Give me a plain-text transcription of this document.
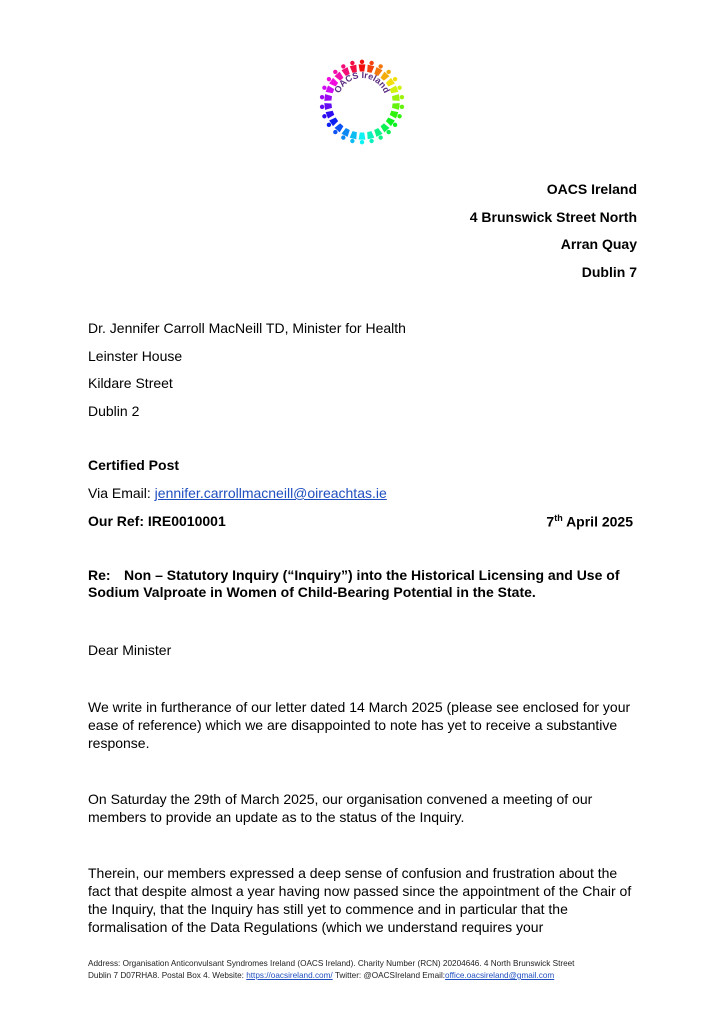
OACS Ireland
OACS Ireland
4 Brunswick Street North
Arran Quay
Dublin 7
Dr. Jennifer Carroll MacNeill TD, Minister for Health
Leinster House
Kildare Street
Dublin 2
Certified Post
Via Email: jennifer.carrollmacneill@oireachtas.ie
Our Ref: IRE0010001	7th April 2025
Re: Non – Statutory Inquiry (“Inquiry”) into the Historical Licensing and Use of Sodium Valproate in Women of Child-Bearing Potential in the State.
Dear Minister
We write in furtherance of our letter dated 14 March 2025 (please see enclosed for your ease of reference) which we are disappointed to note has yet to receive a substantive response.
On Saturday the 29th of March 2025, our organisation convened a meeting of our members to provide an update as to the status of the Inquiry.
Therein, our members expressed a deep sense of confusion and frustration about the fact that despite almost a year having now passed since the appointment of the Chair of the Inquiry, that the Inquiry has still yet to commence and in particular that the formalisation of the Data Regulations (which we understand requires your
Address: Organisation Anticonvulsant Syndromes Ireland (OACS Ireland). Charity Number (RCN) 20204646. 4 North Brunswick Street
Dublin 7 D07RHA8. Postal Box 4. Website: https://oacsireland.com/ Twitter: @OACSIreland Email:office.oacsireland@gmail.com
